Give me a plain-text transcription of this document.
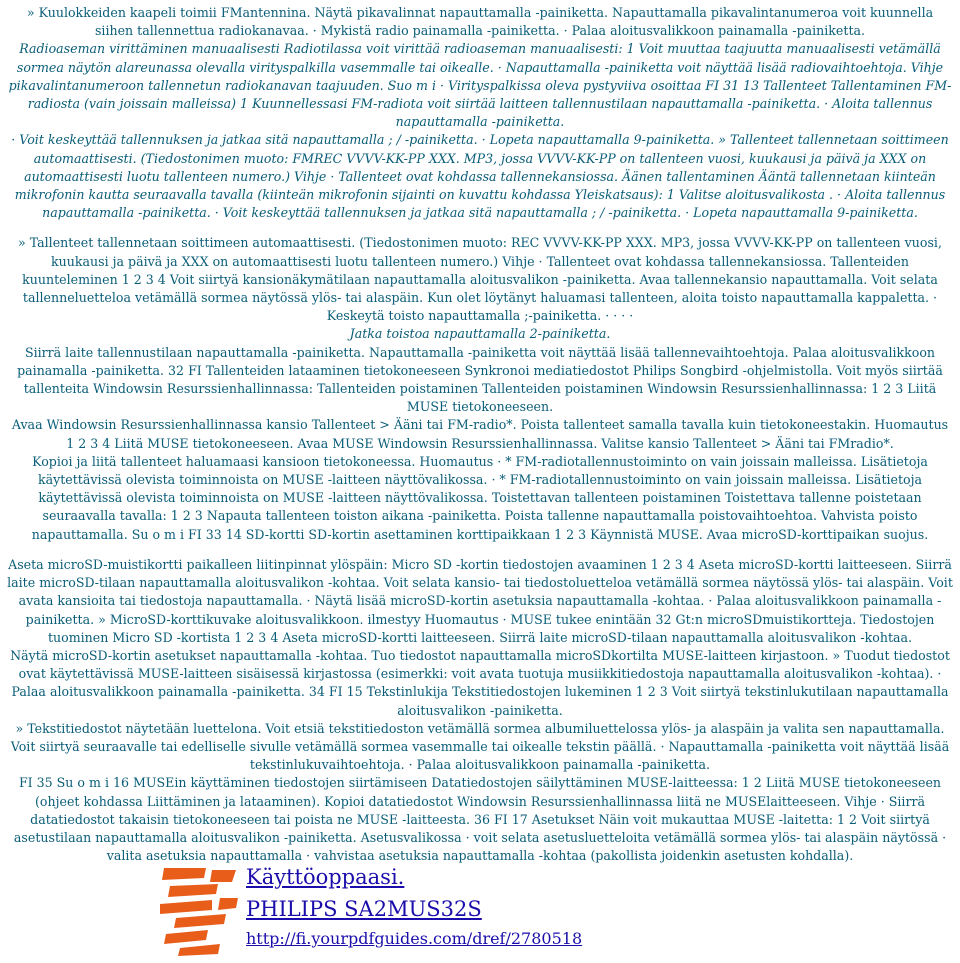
» Kuulokkeiden kaapeli toimii FMantennina. Näytä pikavalinnat napauttamalla -painiketta. Napauttamalla pikavalintanumeroa voit kuunnella siihen tallennettua radiokanavaa. · Mykistä radio painamalla -painiketta. · Palaa aloitusvalikkoon painamalla -painiketta.

Radioaseman virittäminen manuaalisesti Radiotilassa voit virittää radioaseman manuaalisesti: 1 Voit muuttaa taajuutta manuaalisesti vetämällä sormea näytön alareunassa olevalla virityspalkilla vasemmalle tai oikealle. · Napauttamalla -painiketta voit näyttää lisää radiovaihtoehtoja. Vihje pikavalintanumeroon tallennetun radiokanavan taajuuden. Suo m i · Virityspalkissa oleva pystyviiva osoittaa FI 31 13 Tallenteet Tallentaminen FM-radiosta (vain joissain malleissa) 1 Kuunnellessasi FM-radiota voit siirtää laitteen tallennustilaan napauttamalla -painiketta. · Aloita tallennus napauttamalla -painiketta.

· Voit keskeyttää tallennuksen ja jatkaa sitä napauttamalla ; / -painiketta. · Lopeta napauttamalla 9-painiketta. » Tallenteet tallennetaan soittimeen automaattisesti. (Tiedostonimen muoto: FMREC VVVV-KK-PP XXX. MP3, jossa VVVV-KK-PP on tallenteen vuosi, kuukausi ja päivä ja XXX on automaattisesti luotu tallenteen numero.) Vihje · Tallenteet ovat kohdassa tallennekansiossa. Äänen tallentaminen Ääntä tallennetaan kiinteän mikrofonin kautta seuraavalla tavalla (kiinteän mikrofonin sijainti on kuvattu kohdassa Yleiskatsaus): 1 Valitse aloitusvalikosta . · Aloita tallennus napauttamalla -painiketta. · Voit keskeyttää tallennuksen ja jatkaa sitä napauttamalla ; / -painiketta. · Lopeta napauttamalla 9-painiketta.

» Tallenteet tallennetaan soittimeen automaattisesti. (Tiedostonimen muoto: REC VVVV-KK-PP XXX. MP3, jossa VVVV-KK-PP on tallenteen vuosi, kuukausi ja päivä ja XXX on automaattisesti luotu tallenteen numero.) Vihje · Tallenteet ovat kohdassa tallennekansiossa. Tallenteiden kuunteleminen 1 2 3 4 Voit siirtyä kansionäkymätilaan napauttamalla aloitusvalikon -painiketta. Avaa tallennekansio napauttamalla. Voit selata tallenneluetteloa vetämällä sormea näytössä ylös- tai alaspäin. Kun olet löytänyt haluamasi tallenteen, aloita toisto napauttamalla kappaletta. · Keskeytä toisto napauttamalla ;-painiketta. · · · ·

Jatka toistoa napauttamalla 2-painiketta.

Siirrä laite tallennustilaan napauttamalla -painiketta. Napauttamalla -painiketta voit näyttää lisää tallennevaihtoehtoja. Palaa aloitusvalikkoon painamalla -painiketta. 32 FI Tallenteiden lataaminen tietokoneeseen Synkronoi mediatiedostot Philips Songbird -ohjelmistolla. Voit myös siirtää tallenteita Windowsin Resurssienhallinnassa: Tallenteiden poistaminen Tallenteiden poistaminen Windowsin Resurssienhallinnassa: 1 2 3 Liitä MUSE tietokoneeseen.

Avaa Windowsin Resurssienhallinnassa kansio Tallenteet > Ääni tai FM-radio*. Poista tallenteet samalla tavalla kuin tietokoneestakin. Huomautus 1 2 3 4 Liitä MUSE tietokoneeseen. Avaa MUSE Windowsin Resurssienhallinnassa. Valitse kansio Tallenteet > Ääni tai FMradio*.

Kopioi ja liitä tallenteet haluamaasi kansioon tietokoneessa. Huomautus · * FM-radiotallennustoiminto on vain joissain malleissa. Lisätietoja käytettävissä olevista toiminnoista on MUSE -laitteen näyttövalikossa. · * FM-radiotallennustoiminto on vain joissain malleissa. Lisätietoja käytettävissä olevista toiminnoista on MUSE -laitteen näyttövalikossa. Toistettavan tallenteen poistaminen Toistettava tallenne poistetaan seuraavalla tavalla: 1 2 3 Napauta tallenteen toiston aikana -painiketta. Poista tallenne napauttamalla poistovaihtoehtoa. Vahvista poisto napauttamalla. Su o m i FI 33 14 SD-kortti SD-kortin asettaminen korttipaikkaan 1 2 3 Käynnistä MUSE. Avaa microSD-korttipaikan suojus.

Aseta microSD-muistikortti paikalleen liitinpinnat ylöspäin: Micro SD -kortin tiedostojen avaaminen 1 2 3 4 Aseta microSD-kortti laitteeseen. Siirrä laite microSD-tilaan napauttamalla aloitusvalikon -kohtaa. Voit selata kansio- tai tiedostoluetteloa vetämällä sormea näytössä ylös- tai alaspäin. Voit avata kansioita tai tiedostoja napauttamalla. · Näytä lisää microSD-kortin asetuksia napauttamalla -kohtaa. · Palaa aloitusvalikkoon painamalla -painiketta. » MicroSD-korttikuvake aloitusvalikkoon. ilmestyy Huomautus · MUSE tukee enintään 32 Gt:n microSDmuistikortteja. Tiedostojen tuominen Micro SD -kortista 1 2 3 4 Aseta microSD-kortti laitteeseen. Siirrä laite microSD-tilaan napauttamalla aloitusvalikon -kohtaa.

Näytä microSD-kortin asetukset napauttamalla -kohtaa. Tuo tiedostot napauttamalla microSDkortilta MUSE-laitteen kirjastoon. » Tuodut tiedostot ovat käytettävissä MUSE-laitteen sisäisessä kirjastossa (esimerkki: voit avata tuotuja musiikkitiedostoja napauttamalla aloitusvalikon -kohtaa). · Palaa aloitusvalikkoon painamalla -painiketta. 34 FI 15 Tekstinlukija Tekstitiedostojen lukeminen 1 2 3 Voit siirtyä tekstinlukutilaan napauttamalla aloitusvalikon -painiketta.

» Tekstitiedostot näytetään luettelona. Voit etsiä tekstitiedoston vetämällä sormea albumiluettelossa ylös- ja alaspäin ja valita sen napauttamalla. Voit siirtyä seuraavalle tai edelliselle sivulle vetämällä sormea vasemmalle tai oikealle tekstin päällä. · Napauttamalla -painiketta voit näyttää lisää tekstinlukuvaihtoehtoja. · Palaa aloitusvalikkoon painamalla -painiketta.

FI 35 Su o m i 16 MUSEin käyttäminen tiedostojen siirtämiseen Datatiedostojen säilyttäminen MUSE-laitteessa: 1 2 Liitä MUSE tietokoneeseen (ohjeet kohdassa Liittäminen ja lataaminen). Kopioi datatiedostot Windowsin Resurssienhallinnassa liitä ne MUSElaitteeseen. Vihje · Siirrä datatiedostot takaisin tietokoneeseen tai poista ne MUSE -laitteesta. 36 FI 17 Asetukset Näin voit mukauttaa MUSE -laitetta: 1 2 Voit siirtyä asetustilaan napauttamalla aloitusvalikon -painiketta. Asetusvalikossa · voit selata asetusluetteloita vetämällä sormea ylös- tai alaspäin näytössä · valita asetuksia napauttamalla · vahvistaa asetuksia napauttamalla -kohtaa (pakollista joidenkin asetusten kohdalla).

Käyttöoppaasi.
PHILIPS SA2MUS32S
http://fi.yourpdfguides.com/dref/2780518
